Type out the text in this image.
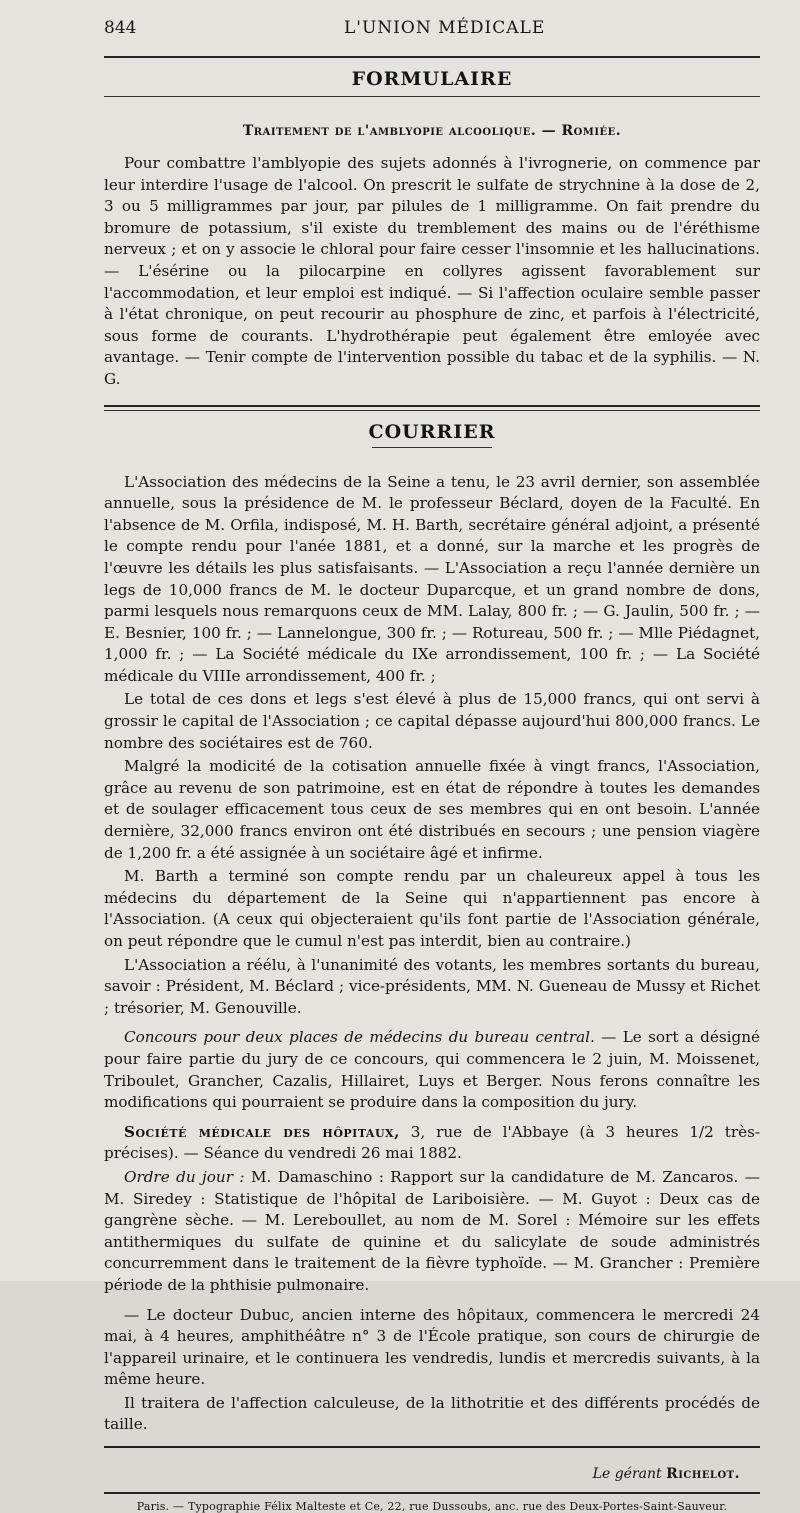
844	L'UNION MÉDICALE
FORMULAIRE
Traitement de l'amblyopie alcoolique. — Romiée.

Pour combattre l'amblyopie des sujets adonnés à l'ivrognerie, on commence par leur interdire l'usage de l'alcool. On prescrit le sulfate de strychnine à la dose de 2, 3 ou 5 milligrammes par jour, par pilules de 1 milligramme. On fait prendre du bromure de potassium, s'il existe du tremblement des mains ou de l'éréthisme nerveux ; et on y associe le chloral pour faire cesser l'insomnie et les hallucinations. — L'ésérine ou la pilocarpine en collyres agissent favorablement sur l'accommodation, et leur emploi est indiqué. — Si l'affection oculaire semble passer à l'état chronique, on peut recourir au phosphure de zinc, et parfois à l'électricité, sous forme de courants. L'hydrothérapie peut également être emloyée avec avantage. — Tenir compte de l'intervention possible du tabac et de la syphilis. — N. G.

COURRIER

L'Association des médecins de la Seine a tenu, le 23 avril dernier, son assemblée annuelle, sous la présidence de M. le professeur Béclard, doyen de la Faculté. En l'absence de M. Orfila, indisposé, M. H. Barth, secrétaire général adjoint, a présenté le compte rendu pour l'anée 1881, et a donné, sur la marche et les progrès de l'œuvre les détails les plus satisfaisants. — L'Association a reçu l'année dernière un legs de 10,000 francs de M. le docteur Duparcque, et un grand nombre de dons, parmi lesquels nous remarquons ceux de MM. Lalay, 800 fr. ; — G. Jaulin, 500 fr. ; — E. Besnier, 100 fr. ; — Lannelongue, 300 fr. ; — Rotureau, 500 fr. ; — Mlle Piédagnet, 1,000 fr. ; — La Société médicale du IXe arrondissement, 100 fr. ; — La Société médicale du VIIIe arrondissement, 400 fr. ;

Le total de ces dons et legs s'est élevé à plus de 15,000 francs, qui ont servi à grossir le capital de l'Association ; ce capital dépasse aujourd'hui 800,000 francs. Le nombre des sociétaires est de 760.

Malgré la modicité de la cotisation annuelle fixée à vingt francs, l'Association, grâce au revenu de son patrimoine, est en état de répondre à toutes les demandes et de soulager efficacement tous ceux de ses membres qui en ont besoin. L'année dernière, 32,000 francs environ ont été distribués en secours ; une pension viagère de 1,200 fr. a été assignée à un sociétaire âgé et infirme.

M. Barth a terminé son compte rendu par un chaleureux appel à tous les médecins du département de la Seine qui n'appartiennent pas encore à l'Association. (A ceux qui objecteraient qu'ils font partie de l'Association générale, on peut répondre que le cumul n'est pas interdit, bien au contraire.)

L'Association a réélu, à l'unanimité des votants, les membres sortants du bureau, savoir : Président, M. Béclard ; vice-présidents, MM. N. Gueneau de Mussy et Richet ; trésorier, M. Genouville.

Concours pour deux places de médecins du bureau central. — Le sort a désigné pour faire partie du jury de ce concours, qui commencera le 2 juin, M. Moissenet, Triboulet, Grancher, Cazalis, Hillairet, Luys et Berger. Nous ferons connaître les modifications qui pourraient se produire dans la composition du jury.

Société médicale des hôpitaux, 3, rue de l'Abbaye (à 3 heures 1/2 très-précises). — Séance du vendredi 26 mai 1882.

Ordre du jour : M. Damaschino : Rapport sur la candidature de M. Zancaros. — M. Siredey : Statistique de l'hôpital de Lariboisière. — M. Guyot : Deux cas de gangrène sèche. — M. Lereboullet, au nom de M. Sorel : Mémoire sur les effets antithermiques du sulfate de quinine et du salicylate de soude administrés concurremment dans le traitement de la fièvre typhoïde. — M. Grancher : Première période de la phthisie pulmonaire.

— Le docteur Dubuc, ancien interne des hôpitaux, commencera le mercredi 24 mai, à 4 heures, amphithéâtre n° 3 de l'École pratique, son cours de chirurgie de l'appareil urinaire, et le continuera les vendredis, lundis et mercredis suivants, à la même heure.

Il traitera de l'affection calculeuse, de la lithotritie et des différents procédés de taille.

Le gérant Richelot.
Paris. — Typographie Félix Malteste et Ce, 22, rue Dussoubs, anc. rue des Deux-Portes-Saint-Sauveur.
